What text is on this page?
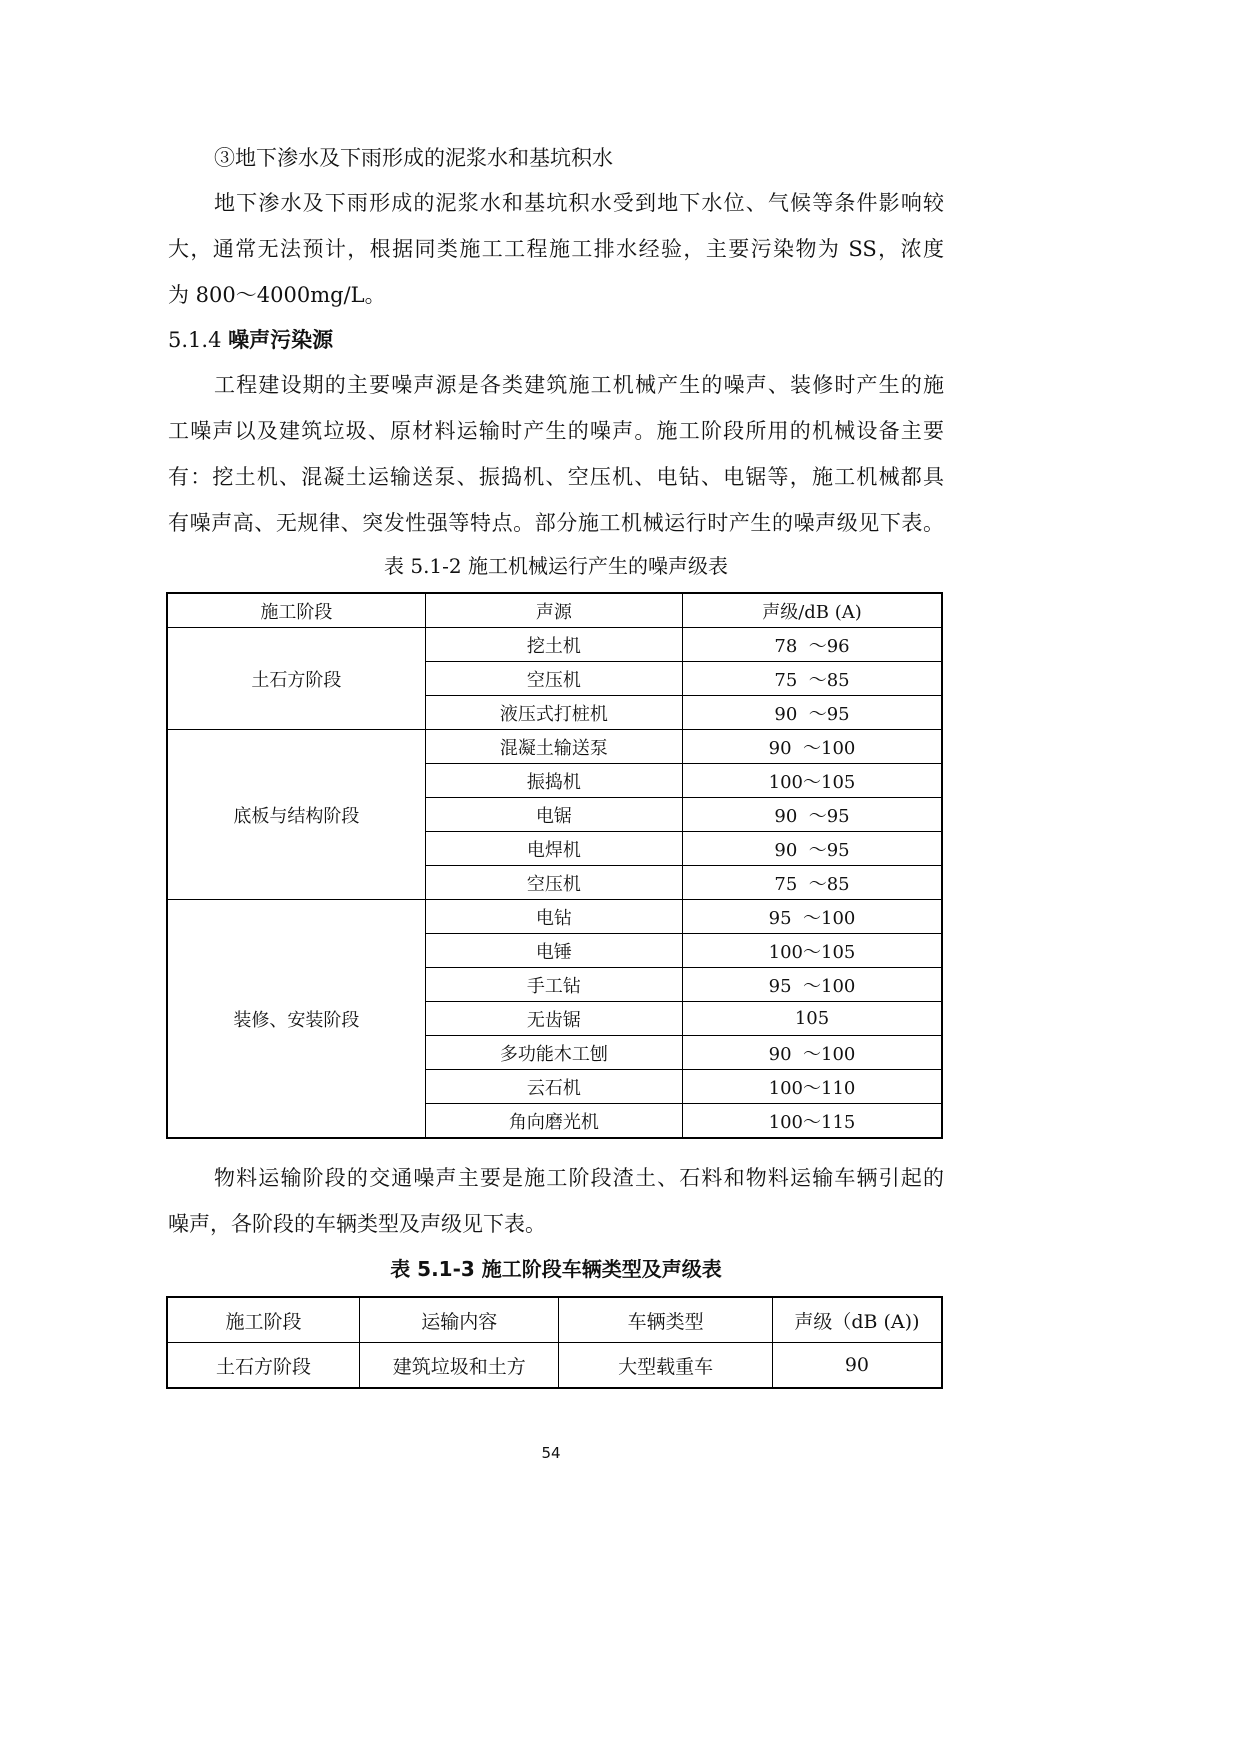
③地下渗水及下雨形成的泥浆水和基坑积水
地下渗水及下雨形成的泥浆水和基坑积水受到地下水位、气候等条件影响较
大，通常无法预计，根据同类施工工程施工排水经验，主要污染物为 SS，浓度
为 800～4000mg/L。
5.1.4 噪声污染源
工程建设期的主要噪声源是各类建筑施工机械产生的噪声、装修时产生的施
工噪声以及建筑垃圾、原材料运输时产生的噪声。施工阶段所用的机械设备主要
有：挖土机、混凝土运输送泵、振捣机、空压机、电钻、电锯等，施工机械都具
有噪声高、无规律、突发性强等特点。部分施工机械运行时产生的噪声级见下表。
表 5.1-2 施工机械运行产生的噪声级表
施工阶段	声源	声级/dB (A)
土石方阶段	挖土机	78  ～96
	空压机	75  ～85
	液压式打桩机	90  ～95
底板与结构阶段	混凝土输送泵	90  ～100
	振捣机	100～105
	电锯	90  ～95
	电焊机	90  ～95
	空压机	75  ～85
装修、安装阶段	电钻	95  ～100
	电锤	100～105
	手工钻	95  ～100
	无齿锯	105
	多功能木工刨	90  ～100
	云石机	100～110
	角向磨光机	100～115
物料运输阶段的交通噪声主要是施工阶段渣土、石料和物料运输车辆引起的
噪声，各阶段的车辆类型及声级见下表。
表 5.1-3 施工阶段车辆类型及声级表
施工阶段	运输内容	车辆类型	声级（dB (A))
土石方阶段	建筑垃圾和土方	大型载重车	90
54
